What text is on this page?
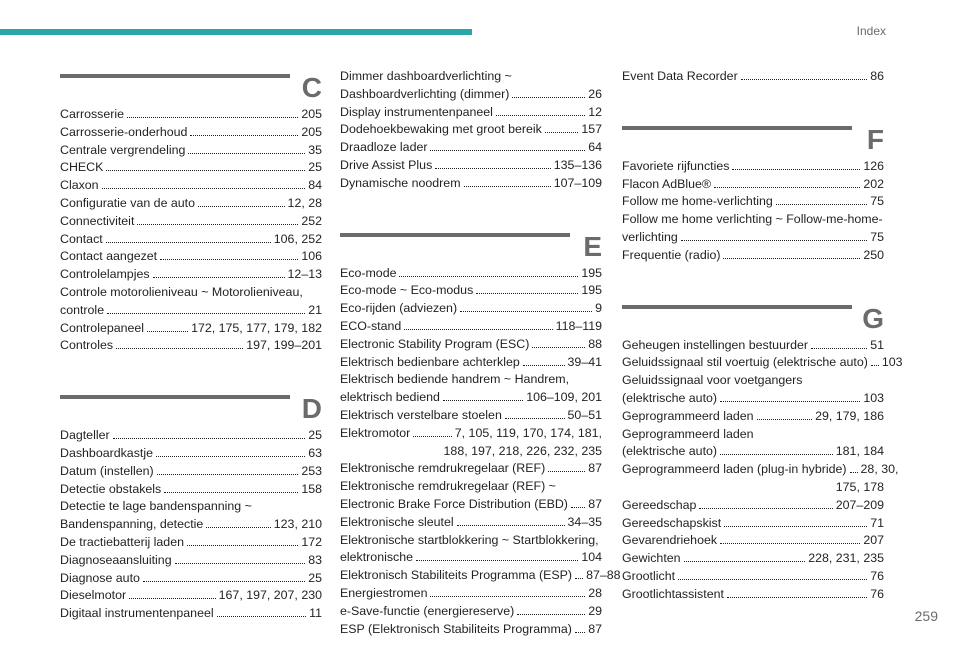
Index
C
Carrosserie	205
Carrosserie-onderhoud	205
Centrale vergrendeling	35
CHECK	25
Claxon	84
Configuratie van de auto	12, 28
Connectiviteit	252
Contact	106, 252
Contact aangezet	106
Controlelampjes	12–13
Controle motorolieniveau ~ Motorolieniveau,
controle	21
Controlepaneel	172, 175, 177, 179, 182
Controles	197, 199–201
D
Dagteller	25
Dashboardkastje	63
Datum (instellen)	253
Detectie obstakels	158
Detectie te lage bandenspanning ~
Bandenspanning, detectie	123, 210
De tractiebatterij laden	172
Diagnoseaansluiting	83
Diagnose auto	25
Dieselmotor	167, 197, 207, 230
Digitaal instrumentenpaneel	11
Dimmer dashboardverlichting ~
Dashboardverlichting (dimmer)	26
Display instrumentenpaneel	12
Dodehoekbewaking met groot bereik	157
Draadloze lader	64
Drive Assist Plus	135–136
Dynamische noodrem	107–109
E
Eco-mode	195
Eco-mode ~ Eco-modus	195
Eco-rijden (adviezen)	9
ECO-stand	118–119
Electronic Stability Program (ESC)	88
Elektrisch bedienbare achterklep	39–41
Elektrisch bediende handrem ~ Handrem,
elektrisch bediend	106–109, 201
Elektrisch verstelbare stoelen	50–51
Elektromotor	7, 105, 119, 170, 174, 181,
188, 197, 218, 226, 232, 235
Elektronische remdrukregelaar (REF)	87
Elektronische remdrukregelaar (REF) ~
Electronic Brake Force Distribution (EBD) 87
Elektronische sleutel	34–35
Elektronische startblokkering ~ Startblokkering,
elektronische	104
Elektronisch Stabiliteits Programma (ESP) 87–88
Energiestromen	28
e-Save-functie (energiereserve)	29
ESP (Elektronisch Stabiliteits Programma) 87
Event Data Recorder	86
F
Favoriete rijfuncties	126
Flacon AdBlue®	202
Follow me home-verlichting	75
Follow me home verlichting ~ Follow-me-home-
verlichting	75
Frequentie (radio)	250
G
Geheugen instellingen bestuurder	51
Geluidssignaal stil voertuig (elektrische auto) 103
Geluidssignaal voor voetgangers
(elektrische auto)	103
Geprogrammeerd laden	29, 179, 186
Geprogrammeerd laden
(elektrische auto)	181, 184
Geprogrammeerd laden (plug-in hybride) 28, 30,
175, 178
Gereedschap	207–209
Gereedschapskist	71
Gevarendriehoek	207
Gewichten	228, 231, 235
Grootlicht	76
Grootlichtassistent	76
259
